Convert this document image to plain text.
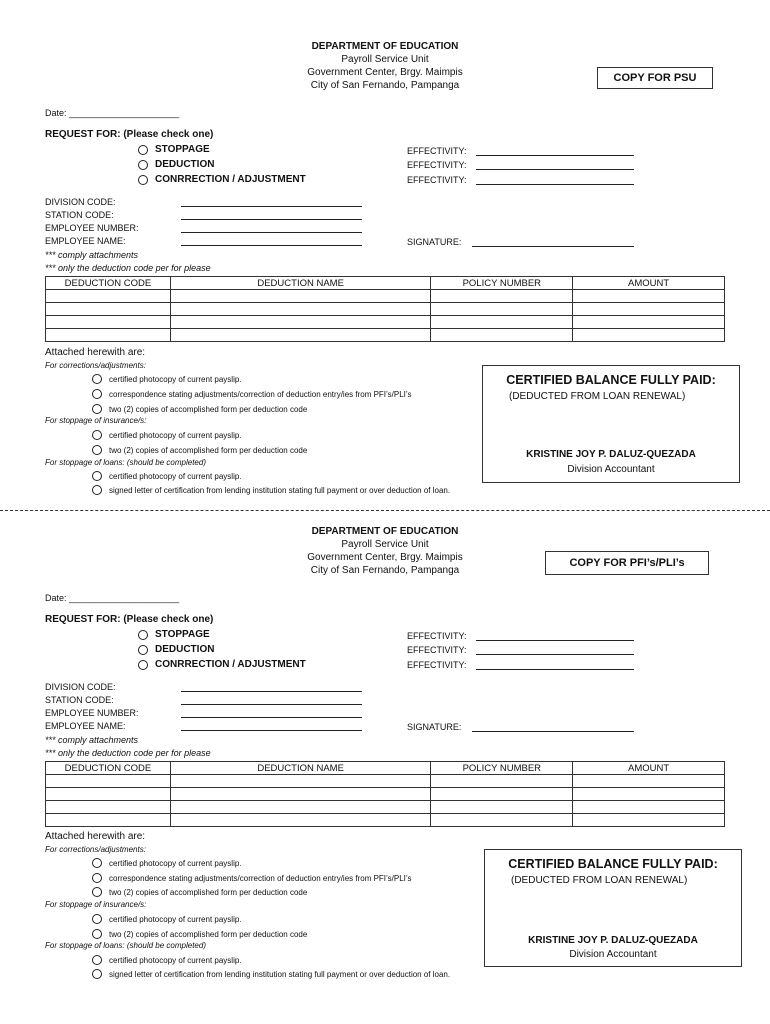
DEPARTMENT OF EDUCATION
Payroll Service Unit
Government Center, Brgy. Maimpis
City of San Fernando, Pampanga
COPY FOR PSU
Date: ______________________
REQUEST FOR: (Please check one)
STOPPAGE
DEDUCTION
CONRRECTION / ADJUSTMENT
EFFECTIVITY:
EFFECTIVITY:
EFFECTIVITY:
DIVISION CODE:
STATION CODE:
EMPLOYEE NUMBER:
EMPLOYEE NAME:	SIGNATURE:
*** comply attachments
*** only the deduction code per for please
DEDUCTION CODE	DEDUCTION NAME	POLICY NUMBER	AMOUNT

Attached herewith are:
For corrections/adjustments:
certified photocopy of current payslip.
correspondence stating adjustments/correction of deduction entry/ies from PFI’s/PLI’s
two (2) copies of accomplished form per deduction code
For stoppage of insurance/s:
certified photocopy of current payslip.
two (2) copies of accomplished form per deduction code
For stoppage of loans: (should be completed)
certified photocopy of current payslip.
signed letter of certification from lending institution stating full payment or over deduction of loan.
CERTIFIED BALANCE FULLY PAID:
(DEDUCTED FROM LOAN RENEWAL)
KRISTINE JOY P. DALUZ-QUEZADA
Division Accountant
DEPARTMENT OF EDUCATION
Payroll Service Unit
Government Center, Brgy. Maimpis
City of San Fernando, Pampanga
COPY FOR PFI’s/PLI’s
Date: ______________________
REQUEST FOR: (Please check one)
STOPPAGE
DEDUCTION
CONRRECTION / ADJUSTMENT
EFFECTIVITY:
EFFECTIVITY:
EFFECTIVITY:
DIVISION CODE:
STATION CODE:
EMPLOYEE NUMBER:
EMPLOYEE NAME:	SIGNATURE:
*** comply attachments
*** only the deduction code per for please
DEDUCTION CODE	DEDUCTION NAME	POLICY NUMBER	AMOUNT

Attached herewith are:
For corrections/adjustments:
certified photocopy of current payslip.
correspondence stating adjustments/correction of deduction entry/ies from PFI’s/PLI’s
two (2) copies of accomplished form per deduction code
For stoppage of insurance/s:
certified photocopy of current payslip.
two (2) copies of accomplished form per deduction code
For stoppage of loans: (should be completed)
certified photocopy of current payslip.
signed letter of certification from lending institution stating full payment or over deduction of loan.
CERTIFIED BALANCE FULLY PAID:
(DEDUCTED FROM LOAN RENEWAL)
KRISTINE JOY P. DALUZ-QUEZADA
Division Accountant
